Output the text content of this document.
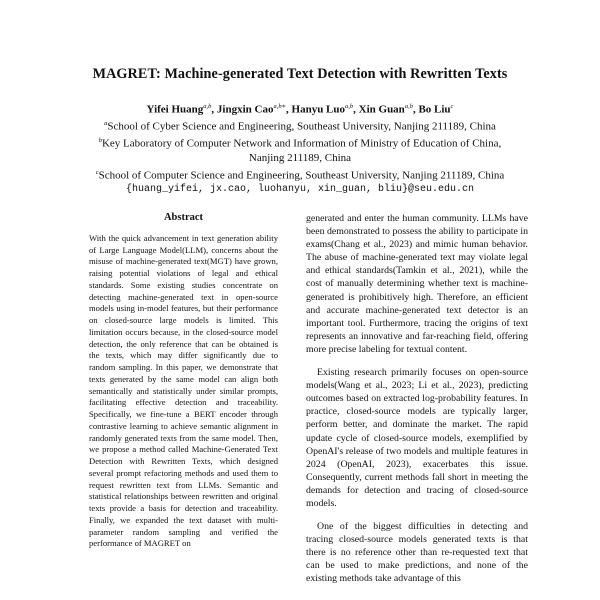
MAGRET: Machine-generated Text Detection with Rewritten Texts
Yifei Huang$^{a,b}$, Jingxin Cao$^{a,b∗}$, Hanyu Luo$^{a,b}$, Xin Guan$^{a,b}$, Bo Liu$^c$
$^a$School of Cyber Science and Engineering, Southeast University, Nanjing 211189, China
$^b$Key Laboratory of Computer Network and Information of Ministry of Education of China,
Nanjing 211189, China
$^c$School of Computer Science and Engineering, Southeast University, Nanjing 211189, China
{huang_yifei, jx.cao, luohanyu, xin_guan, bliu}@seu.edu.cn
Abstract

With the quick advancement in text generation ability of Large Language Model(LLM), concerns about the misuse of machine-generated text(MGT) have grown, raising potential violations of legal and ethical standards. Some existing studies concentrate on detecting machine-generated text in open-source models using in-model features, but their performance on closed-source large models is limited. This limitation occurs because, in the closed-source model detection, the only reference that can be obtained is the texts, which may differ significantly due to random sampling. In this paper, we demonstrate that texts generated by the same model can align both semantically and statistically under similar prompts, facilitating effective detection and traceability. Specifically, we fine-tune a BERT encoder through contrastive learning to achieve semantic alignment in randomly generated texts from the same model. Then, we propose a method called Machine-Generated Text Detection with Rewritten Texts, which designed several prompt refactoring methods and used them to request rewritten text from LLMs. Semantic and statistical relationships between rewritten and original texts provide a basis for detection and traceability. Finally, we expanded the text dataset with multi-parameter random sampling and verified the performance of MAGRET on

generated and enter the human community. LLMs have been demonstrated to possess the ability to participate in exams(Chang et al., 2023) and mimic human behavior. The abuse of machine-generated text may violate legal and ethical standards(Tamkin et al., 2021), while the cost of manually determining whether text is machine-generated is prohibitively high. Therefore, an efficient and accurate machine-generated text detector is an important tool. Furthermore, tracing the origins of text represents an innovative and far-reaching field, offering more precise labeling for textual content.

Existing research primarily focuses on open-source models(Wang et al., 2023; Li et al., 2023), predicting outcomes based on extracted log-probability features. In practice, closed-source models are typically larger, perform better, and dominate the market. The rapid update cycle of closed-source models, exemplified by OpenAI's release of two models and multiple features in 2024 (OpenAI, 2023), exacerbates this issue. Consequently, current methods fall short in meeting the demands for detection and tracing of closed-source models.

One of the biggest difficulties in detecting and tracing closed-source models generated texts is that there is no reference other than re-requested text that can be used to make predictions, and none of the existing methods take advantage of this
